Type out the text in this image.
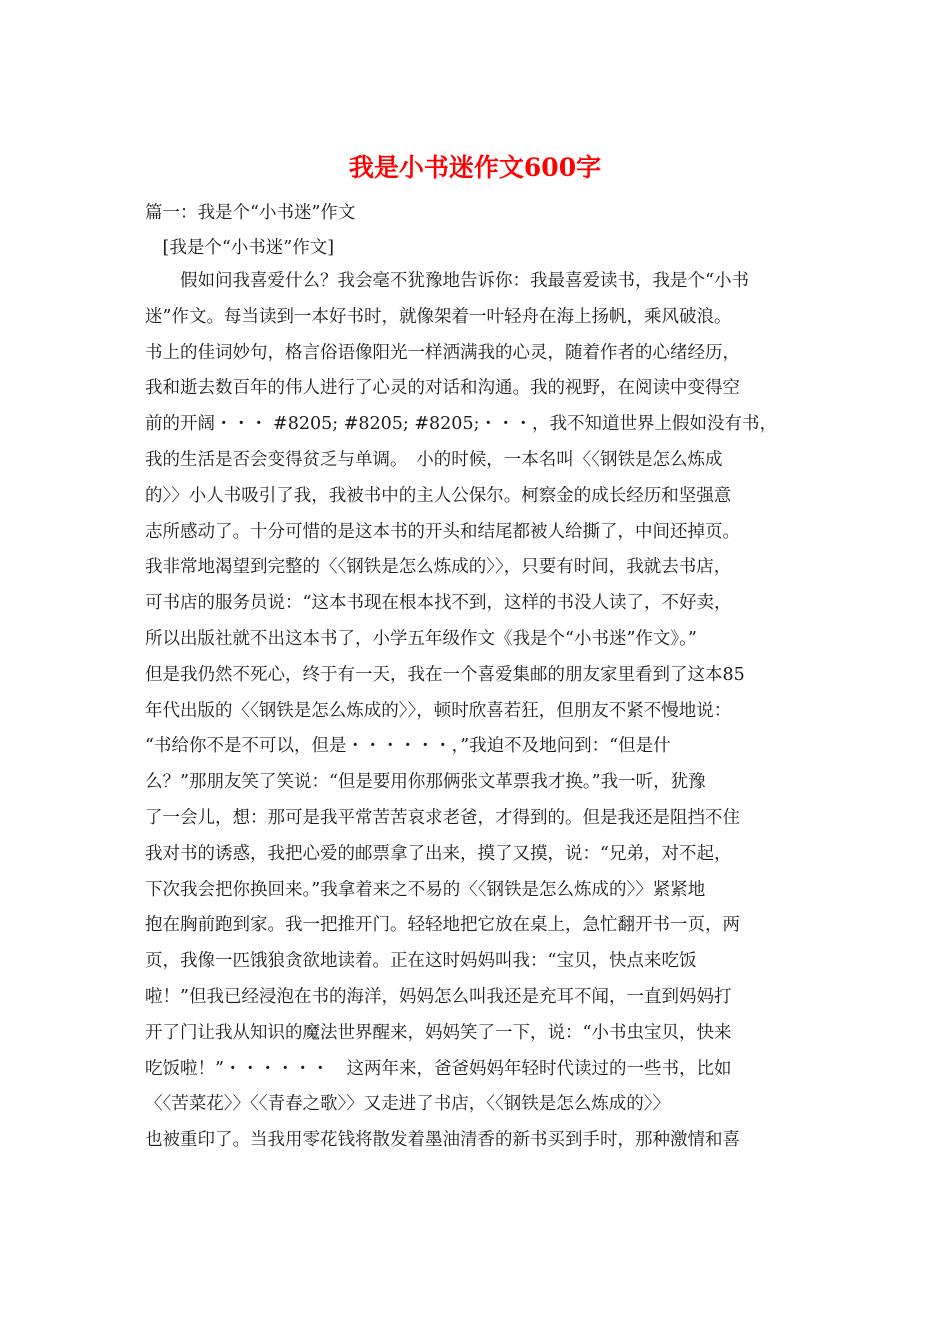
我是小书迷作文600字

篇一：我是个“小书迷”作文

　[我是个“小书迷”作文]

　　假如问我喜爱什么？我会毫不犹豫地告诉你：我最喜爱读书，我是个“小书

迷”作文。每当读到一本好书时，就像架着一叶轻舟在海上扬帆，乘风破浪。

书上的佳词妙句，格言俗语像阳光一样洒满我的心灵，随着作者的心绪经历，

我和逝去数百年的伟人进行了心灵的对话和沟通。我的视野，在阅读中变得空

前的开阔・・・ #8205; #8205; #8205;・・・，我不知道世界上假如没有书，

我的生活是否会变得贫乏与单调。　小的时候，一本名叫〈〈钢铁是怎么炼成

的〉〉小人书吸引了我，我被书中的主人公保尔。柯察金的成长经历和坚强意

志所感动了。十分可惜的是这本书的开头和结尾都被人给撕了，中间还掉页。

我非常地渴望到完整的〈〈钢铁是怎么炼成的〉〉，只要有时间，我就去书店，

可书店的服务员说：“这本书现在根本找不到，这样的书没人读了，不好卖，

所以出版社就不出这本书了，小学五年级作文《我是个“小书迷”作文》。”

但是我仍然不死心，终于有一天，我在一个喜爱集邮的朋友家里看到了这本85

年代出版的〈〈钢铁是怎么炼成的〉〉，顿时欣喜若狂，但朋友不紧不慢地说：

“书给你不是不可以，但是・・・・・・，”我迫不及地问到：“但是什

么？”那朋友笑了笑说：“但是要用你那俩张文革票我才换。”我一听，犹豫

了一会儿，想：那可是我平常苦苦哀求老爸，才得到的。但是我还是阻挡不住

我对书的诱惑，我把心爱的邮票拿了出来，摸了又摸，说：“兄弟，对不起，

下次我会把你换回来。”我拿着来之不易的〈〈钢铁是怎么炼成的〉〉紧紧地

抱在胸前跑到家。我一把推开门。轻轻地把它放在桌上，急忙翻开书一页，两

页，我像一匹饿狼贪欲地读着。正在这时妈妈叫我：“宝贝，快点来吃饭

啦！”但我已经浸泡在书的海洋，妈妈怎么叫我还是充耳不闻，一直到妈妈打

开了门让我从知识的魔法世界醒来，妈妈笑了一下，说：“小书虫宝贝，快来

吃饭啦！”・・・・・・　这两年来，爸爸妈妈年轻时代读过的一些书，比如

〈〈苦菜花〉〉〈〈青春之歌〉〉又走进了书店，〈〈钢铁是怎么炼成的〉〉

也被重印了。当我用零花钱将散发着墨油清香的新书买到手时，那种激情和喜
